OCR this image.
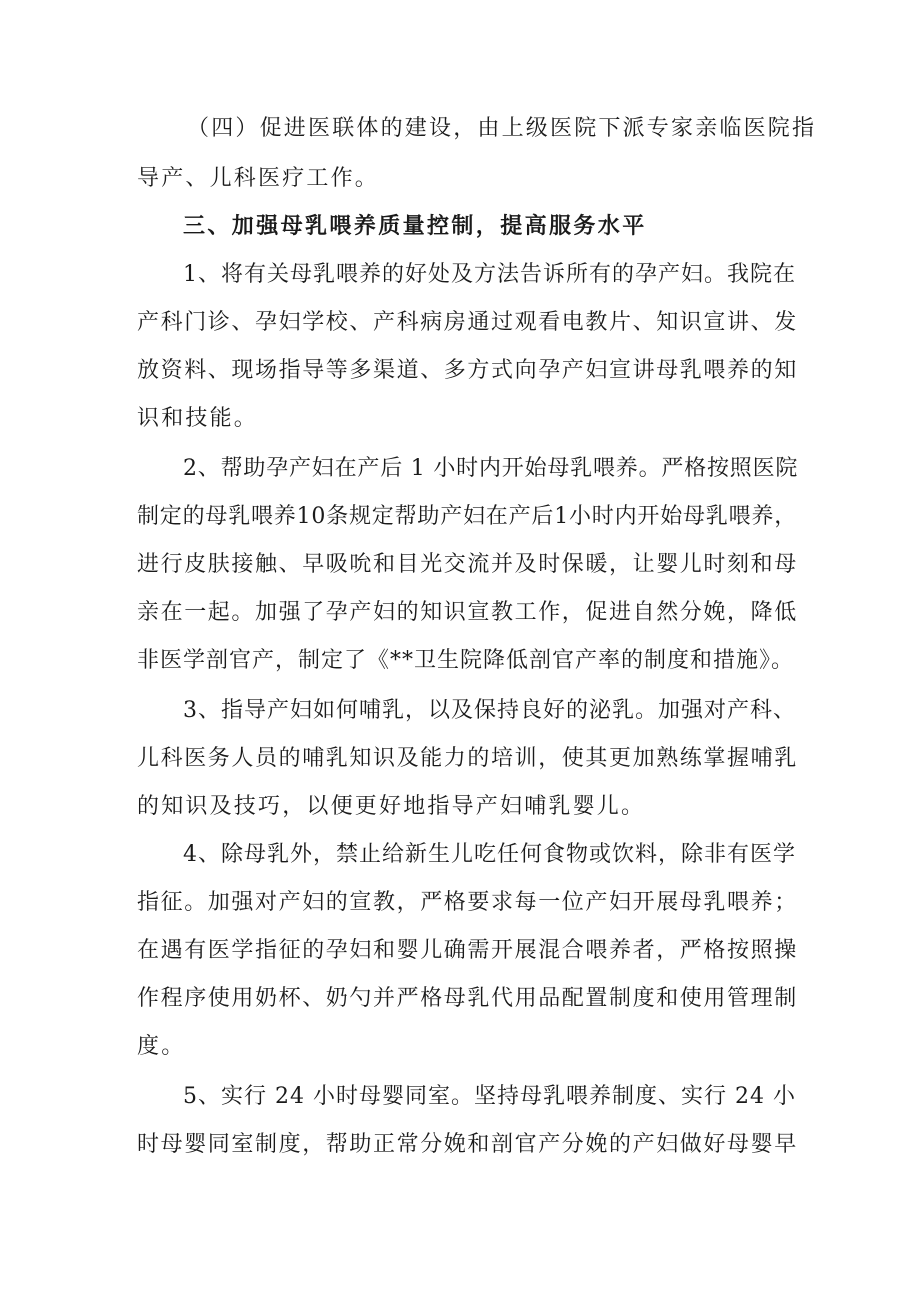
（四）促进医联体的建设，由上级医院下派专家亲临医院指
导产、儿科医疗工作。
三、加强母乳喂养质量控制，提高服务水平
1、将有关母乳喂养的好处及方法告诉所有的孕产妇。我院在
产科门诊、孕妇学校、产科病房通过观看电教片、知识宣讲、发
放资料、现场指导等多渠道、多方式向孕产妇宣讲母乳喂养的知
识和技能。
2、帮助孕产妇在产后 1 小时内开始母乳喂养。严格按照医院
制定的母乳喂养10条规定帮助产妇在产后1小时内开始母乳喂养，
进行皮肤接触、早吸吮和目光交流并及时保暖，让婴儿时刻和母
亲在一起。加强了孕产妇的知识宣教工作，促进自然分娩，降低
非医学剖官产，制定了《**卫生院降低剖官产率的制度和措施》。
3、指导产妇如何哺乳，以及保持良好的泌乳。加强对产科、
儿科医务人员的哺乳知识及能力的培训，使其更加熟练掌握哺乳
的知识及技巧，以便更好地指导产妇哺乳婴儿。
4、除母乳外，禁止给新生儿吃任何食物或饮料，除非有医学
指征。加强对产妇的宣教，严格要求每一位产妇开展母乳喂养；
在遇有医学指征的孕妇和婴儿确需开展混合喂养者，严格按照操
作程序使用奶杯、奶勺并严格母乳代用品配置制度和使用管理制
度。
5、实行 24 小时母婴同室。坚持母乳喂养制度、实行 24 小
时母婴同室制度，帮助正常分娩和剖官产分娩的产妇做好母婴早
